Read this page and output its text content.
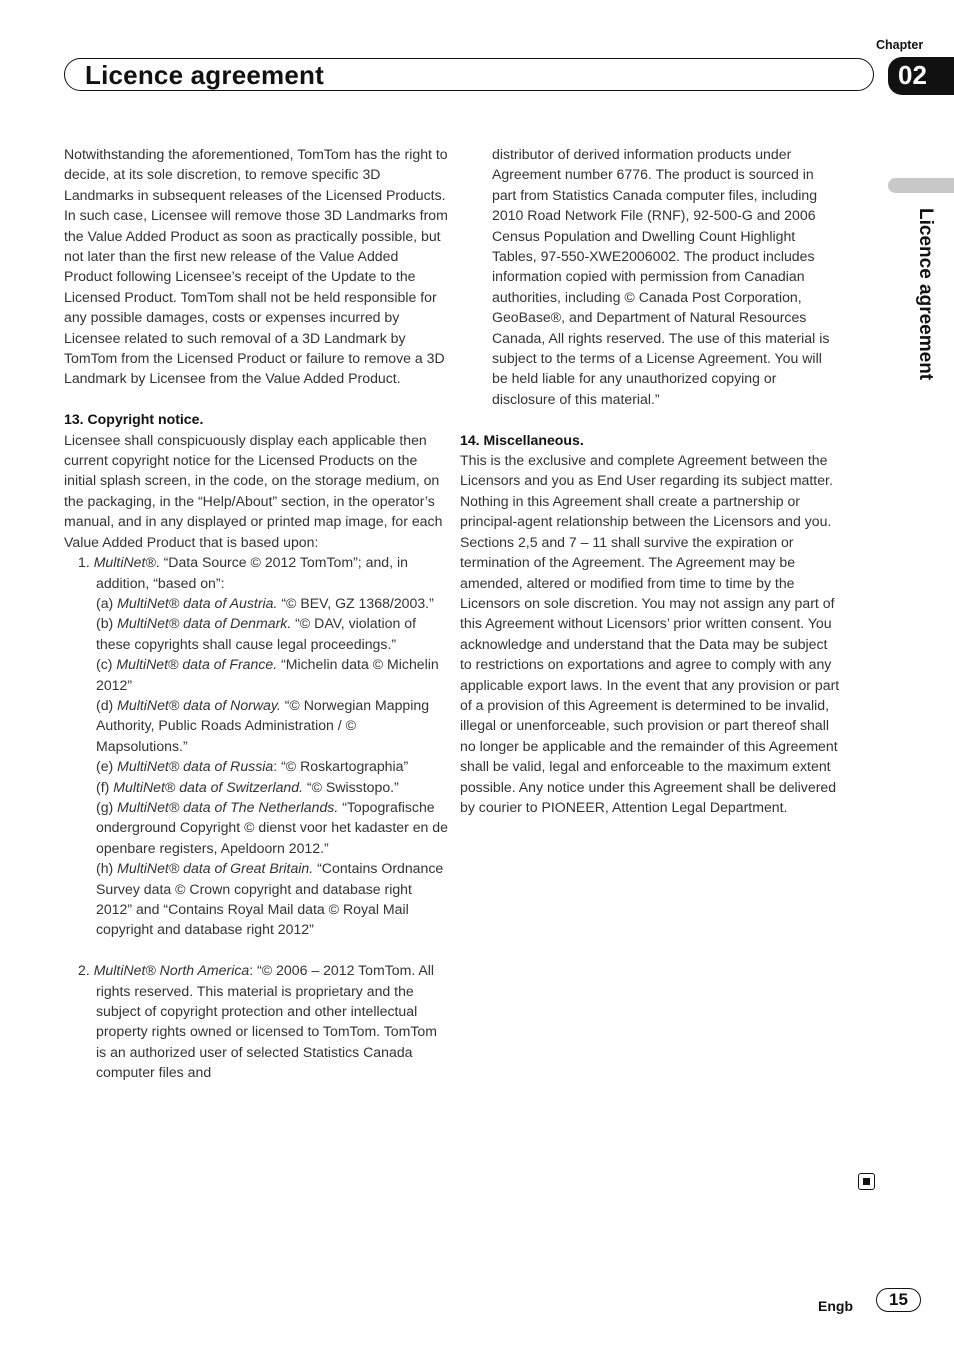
Chapter
Licence agreement	02
Licence agreement

Notwithstanding the aforementioned, TomTom has the right to decide, at its sole discretion, to remove specific 3D Landmarks in subsequent releases of the Licensed Products. In such case, Licensee will remove those 3D Landmarks from the Value Added Product as soon as practically possible, but not later than the first new release of the Value Added Product following Licensee’s receipt of the Update to the Licensed Product. TomTom shall not be held responsible for any possible damages, costs or expenses incurred by Licensee related to such removal of a 3D Landmark by TomTom from the Licensed Product or failure to remove a 3D Landmark by Licensee from the Value Added Product.

13. Copyright notice.

Licensee shall conspicuously display each applicable then current copyright notice for the Licensed Products on the initial splash screen, in the code, on the storage medium, on the packaging, in the “Help/About” section, in the operator’s manual, and in any displayed or printed map image, for each Value Added Product that is based upon:

1. MultiNet®. “Data Source © 2012 TomTom”; and, in addition, “based on”:

(a) MultiNet® data of Austria. “© BEV, GZ 1368/2003.”

(b) MultiNet® data of Denmark. “© DAV, violation of these copyrights shall cause legal proceedings.”

(c) MultiNet® data of France. “Michelin data © Michelin 2012”

(d) MultiNet® data of Norway. “© Norwegian Mapping Authority, Public Roads Administration / © Mapsolutions.”

(e) MultiNet® data of Russia: “© Roskartographia”

(f) MultiNet® data of Switzerland. “© Swisstopo.”

(g) MultiNet® data of The Netherlands. “Topografische onderground Copyright © dienst voor het kadaster en de openbare registers, Apeldoorn 2012.”

(h) MultiNet® data of Great Britain. “Contains Ordnance Survey data © Crown copyright and database right 2012” and “Contains Royal Mail data © Royal Mail copyright and database right 2012”

2. MultiNet® North America: “© 2006 – 2012 TomTom. All rights reserved. This material is proprietary and the subject of copyright protection and other intellectual property rights owned or licensed to TomTom. TomTom is an authorized user of selected Statistics Canada computer files and

distributor of derived information products under Agreement number 6776. The product is sourced in part from Statistics Canada computer files, including 2010 Road Network File (RNF), 92-500-G and 2006 Census Population and Dwelling Count Highlight Tables, 97-550-XWE2006002. The product includes information copied with permission from Canadian authorities, including © Canada Post Corporation, GeoBase®, and Department of Natural Resources Canada, All rights reserved. The use of this material is subject to the terms of a License Agreement. You will be held liable for any unauthorized copying or disclosure of this material.”

14. Miscellaneous.

This is the exclusive and complete Agreement between the Licensors and you as End User regarding its subject matter. Nothing in this Agreement shall create a partnership or principal-agent relationship between the Licensors and you. Sections 2,5 and 7 – 11 shall survive the expiration or termination of the Agreement. The Agreement may be amended, altered or modified from time to time by the Licensors on sole discretion. You may not assign any part of this Agreement without Licensors’ prior written consent. You acknowledge and understand that the Data may be subject to restrictions on exportations and agree to comply with any applicable export laws. In the event that any provision or part of a provision of this Agreement is determined to be invalid, illegal or unenforceable, such provision or part thereof shall no longer be applicable and the remainder of this Agreement shall be valid, legal and enforceable to the maximum extent possible. Any notice under this Agreement shall be delivered by courier to PIONEER, Attention Legal Department.

Engb	15
